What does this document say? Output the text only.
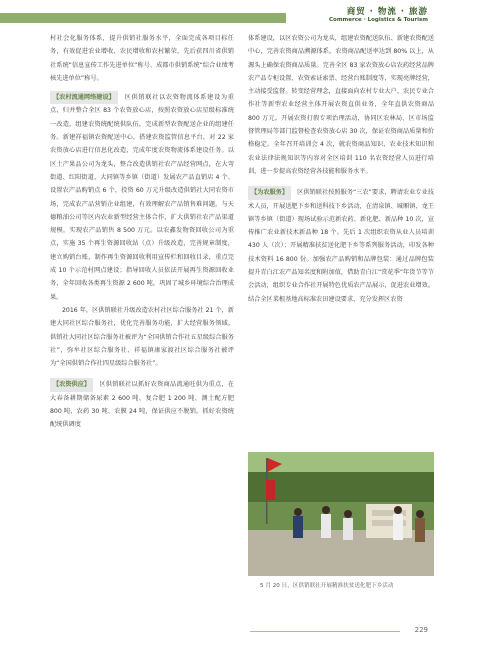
商贸 · 物流 · 旅游
Commerce · Logistics & Tourism

村社会化服务体系，提升供销社服务水平，全面完成各项目标任务，有效促进农业增收、农民增收和农村繁荣，先后获四川省供销社系统“信息宣传工作先进单位”称号、成都市供销系统“综合业绩考核先进单位”称号。

【农村流通网络建设】 区供销联社以农资物流体系建设为重点，归并整合全区 83 个农资放心店，按照农资放心店星级标准统一改造，组建农资统配统供队伍，完成新型农资配送企业的组建任务。新建祥福镇农资配送中心，搭建农资监管信息平台，对 22 家农资放心店进行信息化改造，完成年度农资物流体系建设任务。以区土产果品公司为龙头，整合改造供销社农产品经营网点，在大弯街道、红阳街道、大同镇等乡镇（街道）发展农产品直销店 4 个、设置农产品购销点 6 个，投资 60 万元升级改造供销社大同农资市场，完成农产品营销企业组建，有效理解农产品销售难问题。与天德粮油公司等区内农业新型经营主体合作，扩大供销社农产品渠道规模，实现农产品销售 8 500 万元。以农鑫发物资回收公司为重点，实施 35 个再生资源回收站（点）升级改造，完善规章制度，建立购销台账，制作再生资源回收利用宣传栏和回收目录，重点完成 10 个示范村网点建设；指导回收人员依法开展再生资源回收业务，全年回收各类再生资源 2 600 吨，巩固了城乡环境综合治理成果。

2016 年，区供销联社升级改造农村社区综合服务社 21 个，新建大同社区综合服务社，优化完善服务功能，扩大经营服务领域。供销社大同社区综合服务社被评为“全国供销合作社五星级综合服务社”，弥牟社区综合服务社、祥福镇康家渡社区综合服务社被评为“全国供销合作社四星级综合服务社”。

【农资供应】 区供销联社以抓好农资商品流通旺供为重点，在大春备耕期储备尿素 2 600 吨、复合肥 1 200 吨、测土配方肥 800 吨、农药 30 吨、农膜 24 吨，保证供应不脱销。抓好农资统配统供调度

体系建设，以区农资公司为龙头，组建农资配送队伍、新建农资配送中心，完善农资商品溯源体系，农资商品配送率达到 80% 以上，从源头上确保农资商品质量。完善全区 83 家农资放心店农药经营品牌农产品专柜设置、农资索证索票、经营台账制度等，实现亮牌经营，主动接受监督。转变经营理念，直接面向农村专业大户、农民专业合作社等新型农业经营主体开展农资直供业务，全年直供农资商品 800 万元。开展农资打假专项治理活动，协同区农林局、区市场监督管理局等部门监督检查农资放心店 30 次，保证农资商品质量和价格稳定。全年召开培训会 4 次，就农资商品知识、农业技术知识和农业法律法规知识等内容对全区培训 110 名农资经营人员进行培训，进一步提高农资经营各技能和服务水平。

【为农服务】 区供销联社按照服务“三农”要求，聘请农业专业技术人员，开展送肥下乡和送科技下乡活动，在清泉镇、城厢镇、龙王镇等乡镇（街道）现场试验示范新农药、新化肥、新品种 10 次，宣传推广农业新技术新品种 18 个。先后 1 次组织农资从业人员培训 430 人（次）；开展精准扶贫送化肥下乡等系列服务活动，印发各种技术资料 16 800 份。加强农产品购销和品牌包装：通过品牌包装提升青白江农产品知名度和附加值，借助青白江“赏花季”年货节等节会活动，组织专业合作社开展特色优质农产品展示，促进农业增效。结合全区菜根基地高标准农田建设要求，充分发挥区农资

5 月 20 日，区供销联社开展精准扶贫送化肥下乡活动
229
